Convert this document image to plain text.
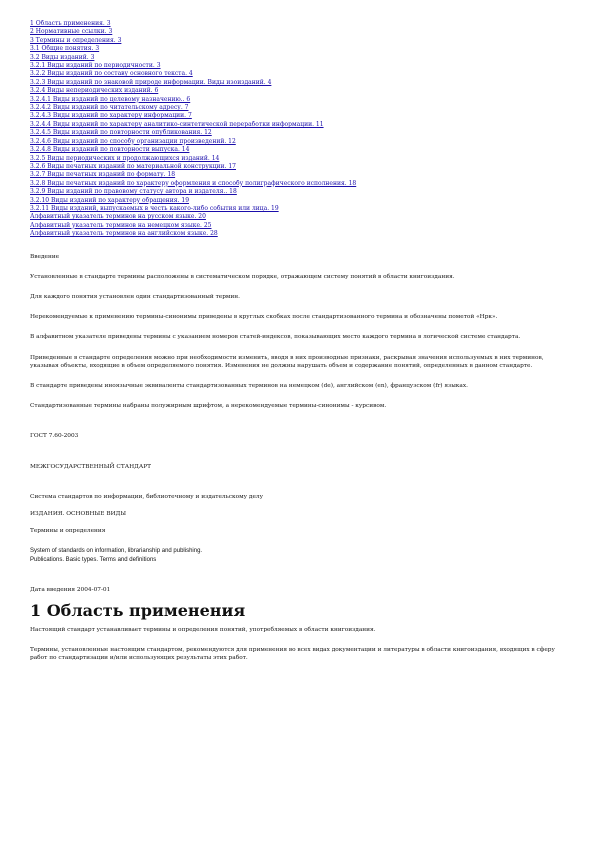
1 Область применения. 3
2 Нормативные ссылки. 3
3 Термины и определения. 3
3.1 Общие понятия. 3
3.2 Виды изданий. 3
3.2.1 Виды изданий по периодичности. 3
3.2.2 Виды изданий по составу основного текста. 4
3.2.3 Виды изданий по знаковой природе информации. Виды изоизданий. 4
3.2.4 Виды непериодических изданий. 6
3.2.4.1 Виды изданий по целевому назначению.. 6
3.2.4.2 Виды изданий по читательскому адресу. 7
3.2.4.3 Виды изданий по характеру информации. 7
3.2.4.4 Виды изданий по характеру аналитико-синтетической переработки информации. 11
3.2.4.5 Виды изданий по повторности опубликования. 12
3.2.4.6 Виды изданий по способу организации произведений. 12
3.2.4.8 Виды изданий по повторности выпуска. 14
3.2.5 Виды периодических и продолжающихся изданий. 14
3.2.6 Виды печатных изданий по материальной конструкции. 17
3.2.7 Виды печатных изданий по формату. 18
3.2.8 Виды печатных изданий по характеру оформления и способу полиграфического исполнения. 18
3.2.9 Виды изданий по правовому статусу автора и издателя.. 18
3.2.10 Виды изданий по характеру обращения. 19
3.2.11 Виды изданий, выпускаемых в честь какого-либо события или лица. 19
Алфавитный указатель терминов на русском языке. 20
Алфавитный указатель терминов на немецком языке. 25
Алфавитный указатель терминов на английском языке. 28

Введение

Установленные в стандарте термины расположены в систематическом порядке, отражающем систему понятий в области книгоиздания.

Для каждого понятия установлен один стандартизованный термин.

Нерекомендуемые к применению термины-синонимы приведены в круглых скобках после стандартизованного термина и обозначены пометой «Нрк».

В алфавитном указателе приведены термины с указанием номеров статей-индексов, показывающих место каждого термина в логической системе стандарта.

Приведенные в стандарте определения можно при необходимости изменить, вводя в них производные признаки, раскрывая значения используемых в них терминов, указывая объекты, входящие в объем определяемого понятия. Изменения не должны нарушать объем и содержание понятий, определенных в данном стандарте.

В стандарте приведены иноязычные эквиваленты стандартизованных терминов на немецком (de), английском (en), французском (fr) языках.

Стандартизованные термины набраны полужирным шрифтом, а нерекомендуемые термины-синонимы - курсивом.

ГОСТ 7.60-2003

МЕЖГОСУДАРСТВЕННЫЙ СТАНДАРТ

Система стандартов по информации, библиотечному и издательскому делу

ИЗДАНИЯ. ОСНОВНЫЕ ВИДЫ

Термины и определения

System of standards on information, librarianship and publishing.

Publications. Basic types. Terms and definitions

Дата введения 2004-07-01

1 Область применения

Настоящий стандарт устанавливает термины и определения понятий, употребляемых в области книгоиздания.

Термины, установленные настоящим стандартом, рекомендуются для применения во всех видах документации и литературы в области книгоиздания, входящих в сферу работ по стандартизации и/или использующих результаты этих работ.
